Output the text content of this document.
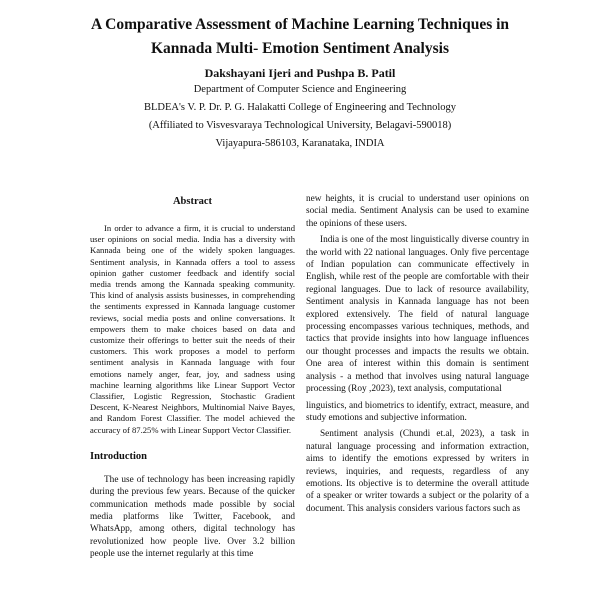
A Comparative Assessment of Machine Learning Techniques in
Kannada Multi- Emotion Sentiment Analysis
Dakshayani Ijeri and Pushpa B. Patil
Department of Computer Science and Engineering
BLDEA's V. P. Dr. P. G. Halakatti College of Engineering and Technology
(Affiliated to Visvesvaraya Technological University, Belagavi-590018)
Vijayapura-586103, Karanataka, INDIA
Abstract

In order to advance a firm, it is crucial to understand user opinions on social media. India has a diversity with Kannada being one of the widely spoken languages. Sentiment analysis, in Kannada offers a tool to assess opinion gather customer feedback and identify social media trends among the Kannada speaking community. This kind of analysis assists businesses, in comprehending the sentiments expressed in Kannada language customer reviews, social media posts and online conversations. It empowers them to make choices based on data and customize their offerings to better suit the needs of their customers. This work proposes a model to perform sentiment analysis in Kannada language with four emotions namely anger, fear, joy, and sadness using machine learning algorithms like Linear Support Vector Classifier, Logistic Regression, Stochastic Gradient Descent, K-Nearest Neighbors, Multinomial Naive Bayes, and Random Forest Classifier. The model achieved the accuracy of 87.25% with Linear Support Vector Classifier.

Introduction

The use of technology has been increasing rapidly during the previous few years. Because of the quicker communication methods made possible by social media platforms like Twitter, Facebook, and WhatsApp, among others, digital technology has revolutionized how people live. Over 3.2 billion people use the internet regularly at this time

new heights, it is crucial to understand user opinions on social media. Sentiment Analysis can be used to examine the opinions of these users.

India is one of the most linguistically diverse country in the world with 22 national languages. Only five percentage of Indian population can communicate effectively in English, while rest of the people are comfortable with their regional languages. Due to lack of resource availability, Sentiment analysis in Kannada language has not been explored extensively. The field of natural language processing encompasses various techniques, methods, and tactics that provide insights into how language influences our thought processes and impacts the results we obtain. One area of interest within this domain is sentiment analysis - a method that involves using natural language processing (Roy ,2023), text analysis, computational

linguistics, and biometrics to identify, extract, measure, and study emotions and subjective information.

Sentiment analysis (Chundi et.al, 2023), a task in natural language processing and information extraction, aims to identify the emotions expressed by writers in reviews, inquiries, and requests, regardless of any emotions. Its objective is to determine the overall attitude of a speaker or writer towards a subject or the polarity of a document. This analysis considers various factors such as
